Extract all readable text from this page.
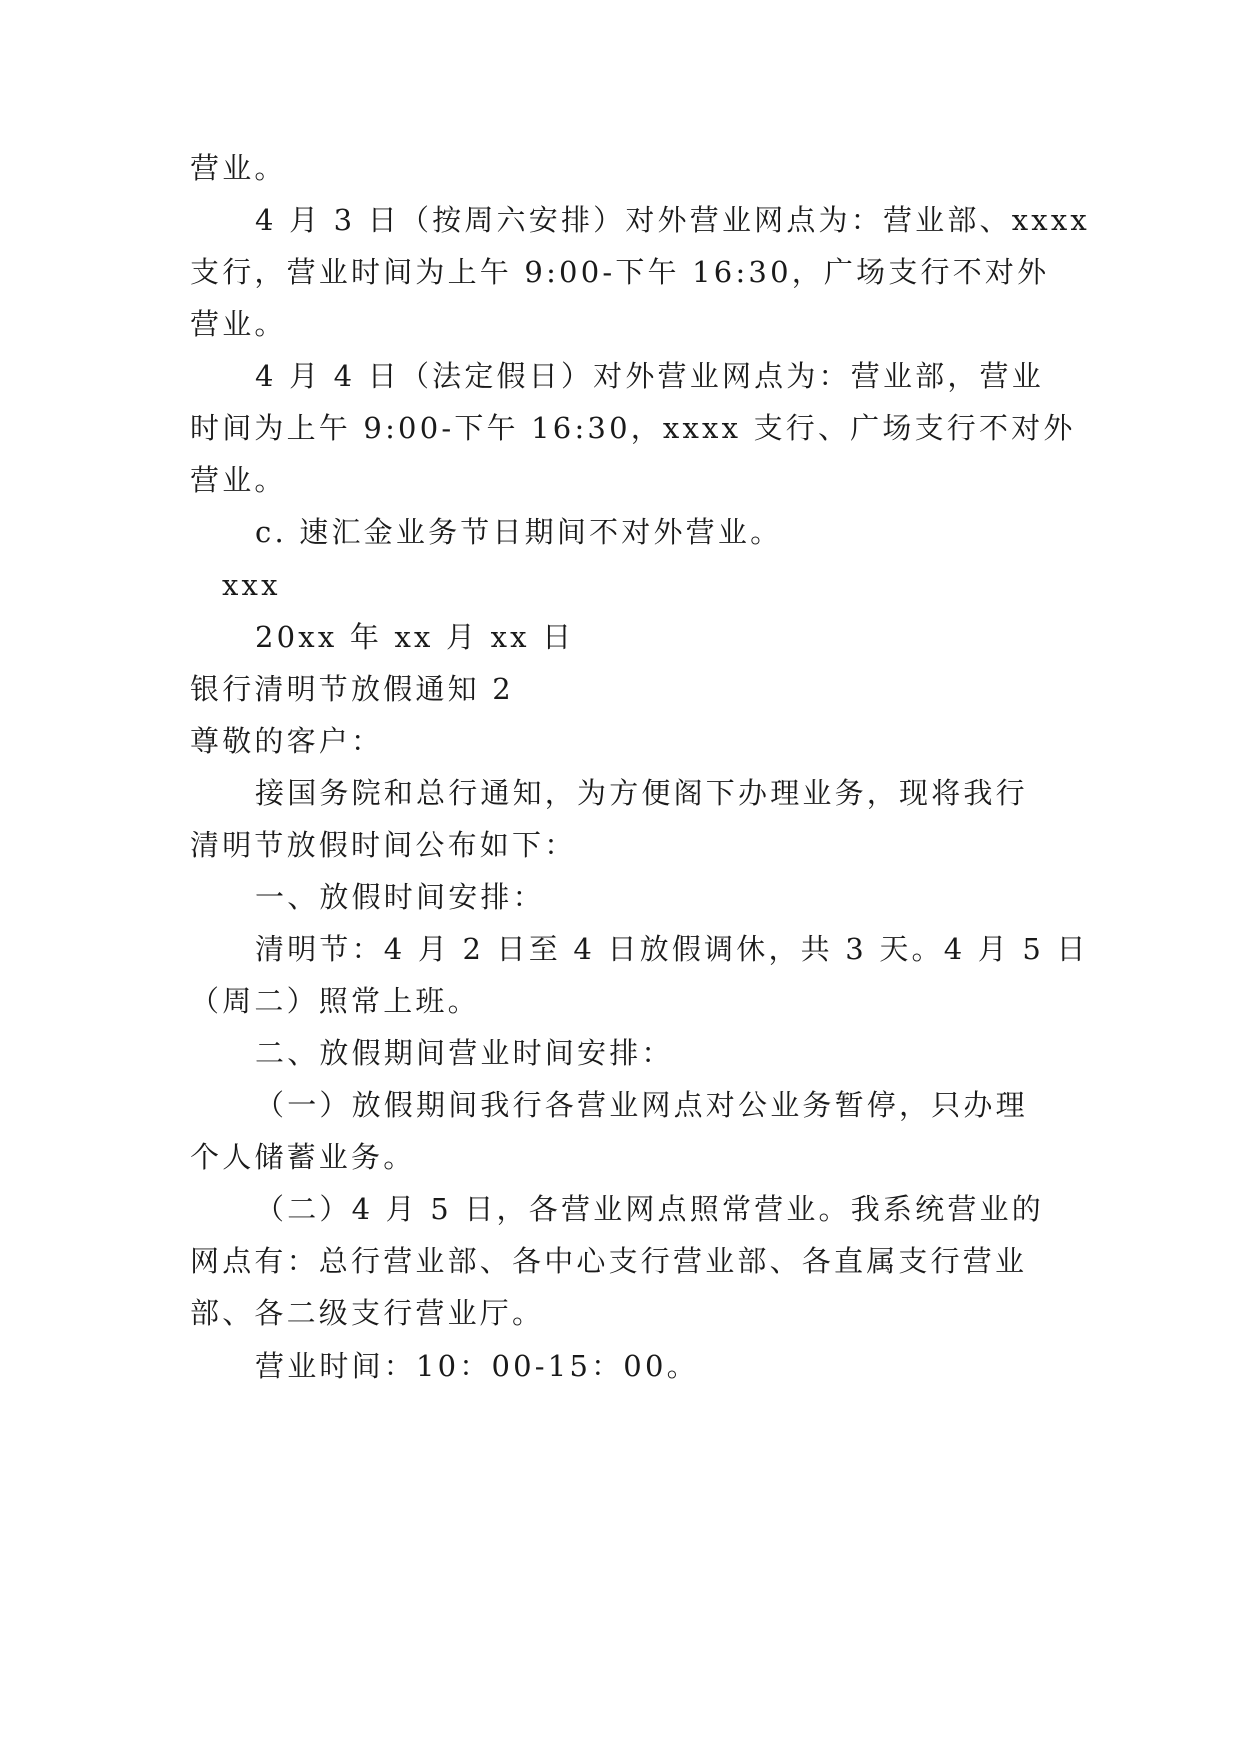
营业。
4 月 3 日（按周六安排）对外营业网点为：营业部、xxxx
支行，营业时间为上午 9:00-下午 16:30，广场支行不对外
营业。
4 月 4 日（法定假日）对外营业网点为：营业部，营业
时间为上午 9:00-下午 16:30，xxxx 支行、广场支行不对外
营业。
c. 速汇金业务节日期间不对外营业。
xxx
20xx 年 xx 月 xx 日
银行清明节放假通知 2
尊敬的客户：
接国务院和总行通知，为方便阁下办理业务，现将我行
清明节放假时间公布如下：
一、放假时间安排：
清明节：4 月 2 日至 4 日放假调休，共 3 天。4 月 5 日
（周二）照常上班。
二、放假期间营业时间安排：
（一）放假期间我行各营业网点对公业务暂停，只办理
个人储蓄业务。
（二）4 月 5 日，各营业网点照常营业。我系统营业的
网点有：总行营业部、各中心支行营业部、各直属支行营业
部、各二级支行营业厅。
营业时间：10：00-15：00。
